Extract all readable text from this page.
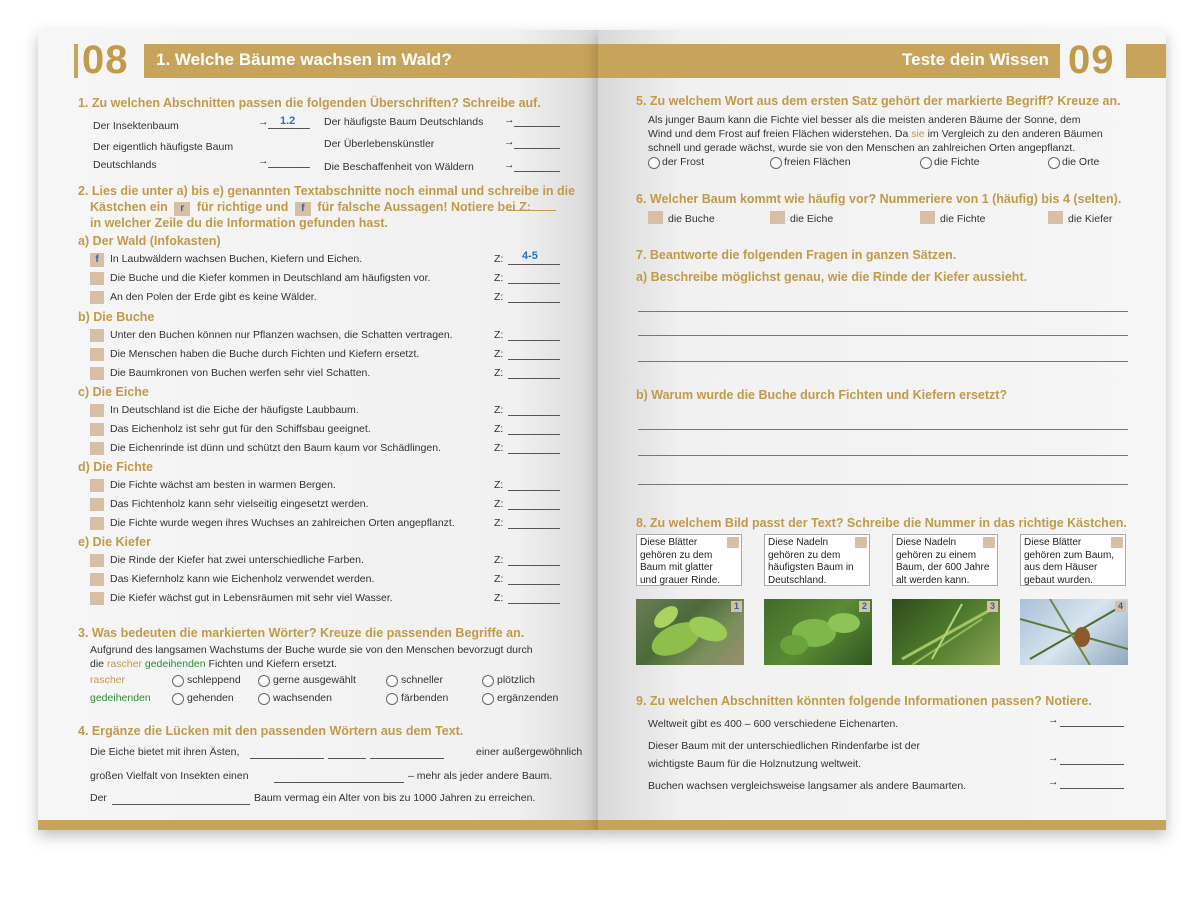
08 1. Welche Bäume wachsen im Wald?
1. Zu welchen Abschnitten passen die folgenden Überschriften? Schreibe auf.
Der Insektenbaum	→ 1.2
Der eigentlich häufigste Baum
Deutschlands	→
Der häufigste Baum Deutschlands →
Der Überlebenskünstler	→
Die Beschaffenheit von Wäldern	→
2. Lies die unter a) bis e) genannten Textabschnitte noch einmal und schreibe in die
Kästchen ein r für richtige und f für falsche Aussagen! Notiere bei Z:
in welcher Zeile du die Information gefunden hast.
a) Der Wald (Infokasten)
f	In Laubwäldern wachsen Buchen, Kiefern und Eichen.	Z: 4-5
Die Buche und die Kiefer kommen in Deutschland am häufigsten vor.	Z:
An den Polen der Erde gibt es keine Wälder.	Z:
b) Die Buche
Unter den Buchen können nur Pflanzen wachsen, die Schatten vertragen.	Z:
Die Menschen haben die Buche durch Fichten und Kiefern ersetzt.	Z:
Die Baumkronen von Buchen werfen sehr viel Schatten.	Z:
c) Die Eiche
In Deutschland ist die Eiche der häufigste Laubbaum.	Z:
Das Eichenholz ist sehr gut für den Schiffsbau geeignet.	Z:
Die Eichenrinde ist dünn und schützt den Baum kaum vor Schädlingen.	Z:
d) Die Fichte
Die Fichte wächst am besten in warmen Bergen.	Z:
Das Fichtenholz kann sehr vielseitig eingesetzt werden.	Z:
Die Fichte wurde wegen ihres Wuchses an zahlreichen Orten angepflanzt.	Z:
e) Die Kiefer
Die Rinde der Kiefer hat zwei unterschiedliche Farben.	Z:
Das Kiefernholz kann wie Eichenholz verwendet werden.	Z:
Die Kiefer wächst gut in Lebensräumen mit sehr viel Wasser.	Z:
3. Was bedeuten die markierten Wörter? Kreuze die passenden Begriffe an.
Aufgrund des langsamen Wachstums der Buche wurde sie von den Menschen bevorzugt durch
die rascher gedeihenden Fichten und Kiefern ersetzt.
rascher
gedeihenden
schleppend	gerne ausgewählt	schneller	plötzlich
gehenden	wachsenden	färbenden	ergänzenden
4. Ergänze die Lücken mit den passenden Wörtern aus dem Text.
Die Eiche bietet mit ihren Ästen,	einer außergewöhnlich
großen Vielfalt von Insekten einen	– mehr als jeder andere Baum.
Der	Baum vermag ein Alter von bis zu 1000 Jahren zu erreichen.
Teste dein Wissen 09
5. Zu welchem Wort aus dem ersten Satz gehört der markierte Begriff? Kreuze an.
Als junger Baum kann die Fichte viel besser als die meisten anderen Bäume der Sonne, dem
Wind und dem Frost auf freien Flächen widerstehen. Da sie im Vergleich zu den anderen Bäumen
schnell und gerade wächst, wurde sie von den Menschen an zahlreichen Orten angepflanzt.
der Frost	freien Flächen	die Fichte	die Orte
6. Welcher Baum kommt wie häufig vor? Nummeriere von 1 (häufig) bis 4 (selten).
die Buche	die Eiche	die Fichte	die Kiefer
7. Beantworte die folgenden Fragen in ganzen Sätzen.
a) Beschreibe möglichst genau, wie die Rinde der Kiefer aussieht.
b) Warum wurde die Buche durch Fichten und Kiefern ersetzt?
8. Zu welchem Bild passt der Text? Schreibe die Nummer in das richtige Kästchen.
Diese Blätter
gehören zu dem
Baum mit glatter
und grauer Rinde.
Diese Nadeln
gehören zu dem
häufigsten Baum in
Deutschland.
Diese Nadeln
gehören zu einem
Baum, der 600 Jahre
alt werden kann.
Diese Blätter
gehören zum Baum,
aus dem Häuser
gebaut wurden.
1	2	3	4
9. Zu welchen Abschnitten könnten folgende Informationen passen? Notiere.
Weltweit gibt es 400 – 600 verschiedene Eichenarten.	→
Dieser Baum mit der unterschiedlichen Rindenfarbe ist der
wichtigste Baum für die Holznutzung weltweit.	→
Buchen wachsen vergleichsweise langsamer als andere Baumarten.	→
